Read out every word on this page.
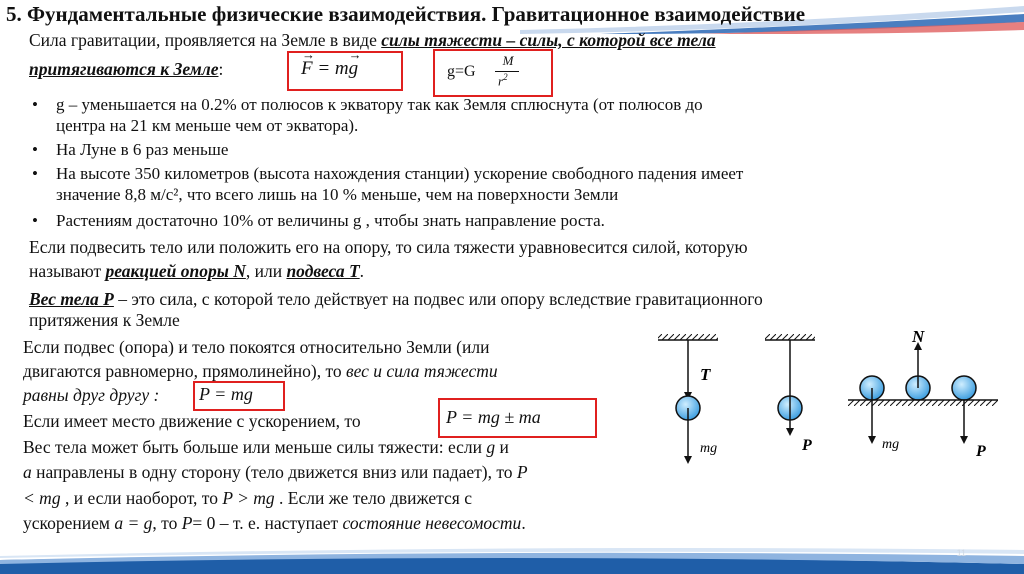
5. Фундаментальные физические взаимодействия. Гравитационное взаимодействие
Сила гравитации, проявляется на Земле в виде силы тяжести – силы, с которой все тела
притягиваются к Земле:
→
F = m
→
g	g=G
M
$r^2$
• g – уменьшается на 0.2% от полюсов к экватору так как Земля сплюснута (от полюсов до
центра на 21 км меньше чем от экватора).
• На Луне в 6 раз меньше
• На высоте 350 километров (высота нахождения станции) ускорение свободного падения имеет
значение 8,8 м/с², что всего лишь на 10 % меньше, чем на поверхности Земли
• Растениям достаточно 10% от величины g , чтобы знать направление роста.
Если подвесить тело или положить его на опору, то сила тяжести уравновесится силой, которую
называют реакцией опоры N, или подвеса T.
Вес тела P – это сила, с которой тело действует на подвес или опору вследствие гравитационного
притяжения к Земле
Если подвес (опора) и тело покоятся относительно Земли (или
двигаются равномерно, прямолинейно), то вес и сила тяжести
равны друг другу : P = mg
Если имеет место движение с ускорением, то	P = mg ± ma
Вес тела может быть больше или меньше силы тяжести: если g и
a направлены в одну сторону (тело движется вниз или падает), то P
< mg , и если наоборот, то P > mg . Если же тело движется с
ускорением a = g, то P= 0 – т. е. наступает состояние невесомости.
T
mg	P
N
mg	P
11
